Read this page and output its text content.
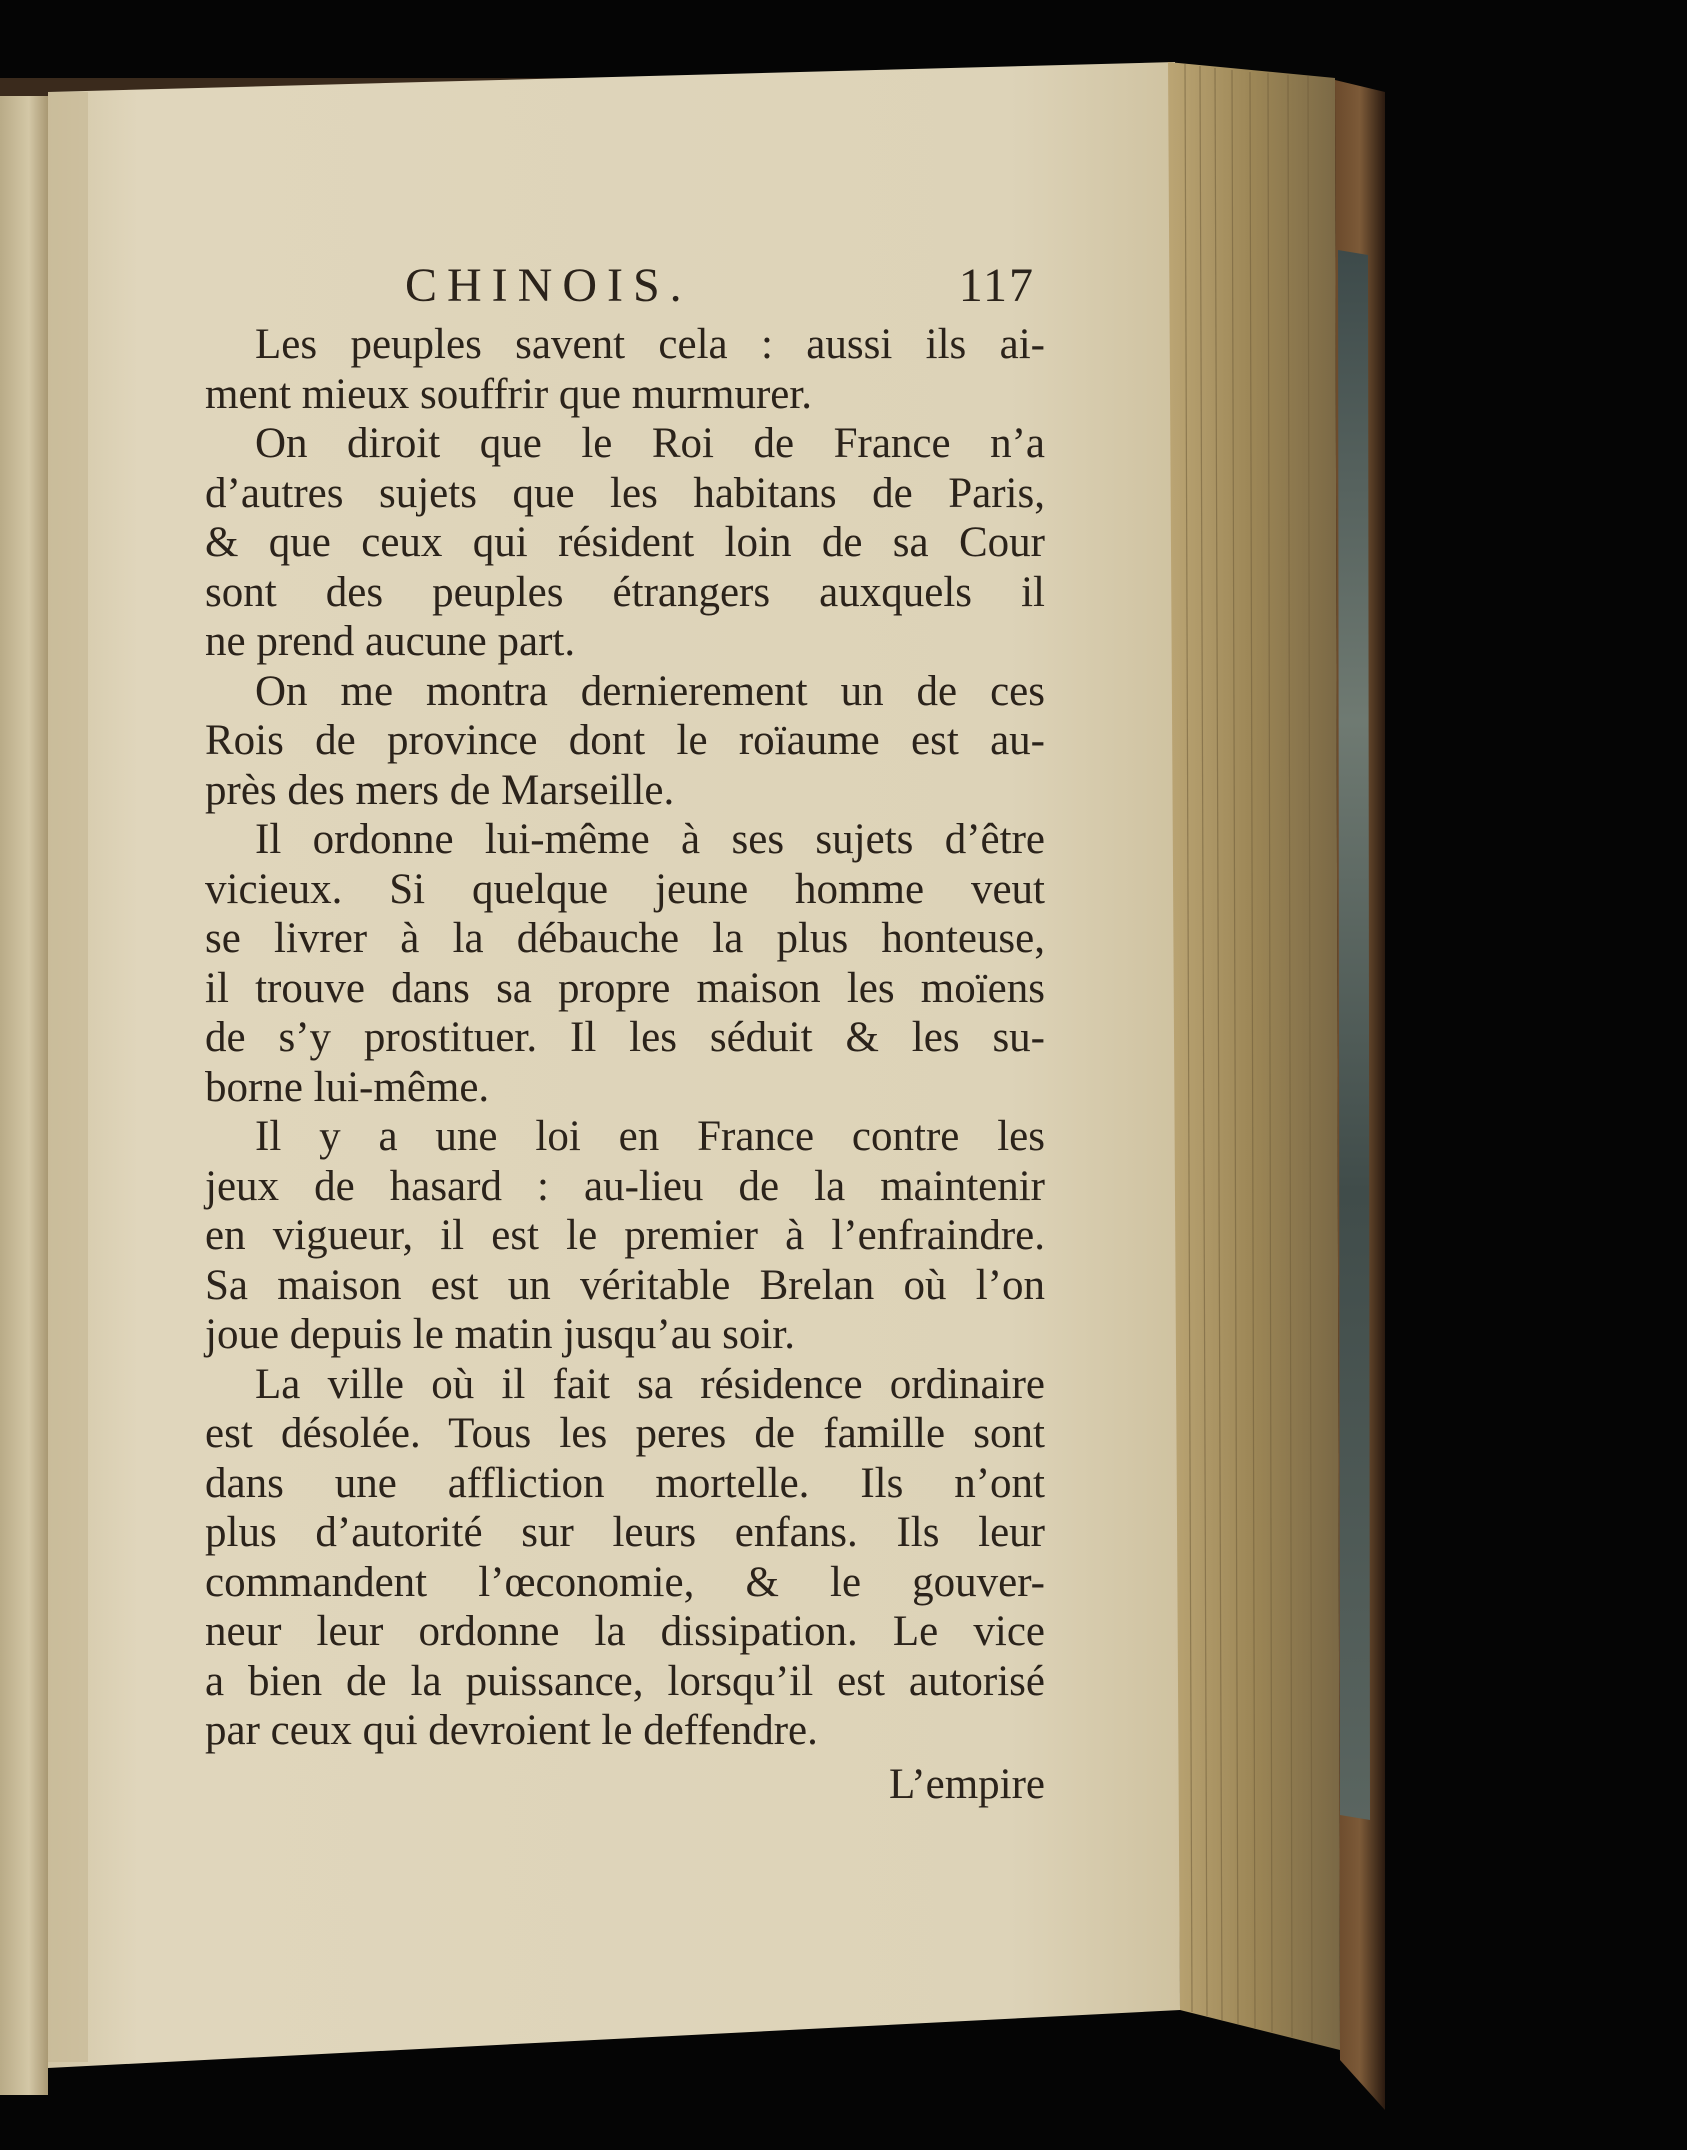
CHINOIS.	117
Les peuples savent cela : aussi ils ai-
ment mieux souffrir que murmurer.
On diroit que le Roi de France n’a
d’autres sujets que les habitans de Paris,
& que ceux qui résident loin de sa Cour
sont des peuples étrangers auxquels il
ne prend aucune part.
On me montra dernierement un de ces
Rois de province dont le roïaume est au-
près des mers de Marseille.
Il ordonne lui-même à ses sujets d’être
vicieux. Si quelque jeune homme veut
se livrer à la débauche la plus honteuse,
il trouve dans sa propre maison les moïens
de s’y prostituer. Il les séduit & les su-
borne lui-même.
Il y a une loi en France contre les
jeux de hasard : au-lieu de la maintenir
en vigueur, il est le premier à l’enfraindre.
Sa maison est un véritable Brelan où l’on
joue depuis le matin jusqu’au soir.
La ville où il fait sa résidence ordinaire
est désolée. Tous les peres de famille sont
dans une affliction mortelle. Ils n’ont
plus d’autorité sur leurs enfans. Ils leur
commandent l’œconomie, & le gouver-
neur leur ordonne la dissipation. Le vice
a bien de la puissance, lorsqu’il est autorisé
par ceux qui devroient le deffendre.
L’empire
